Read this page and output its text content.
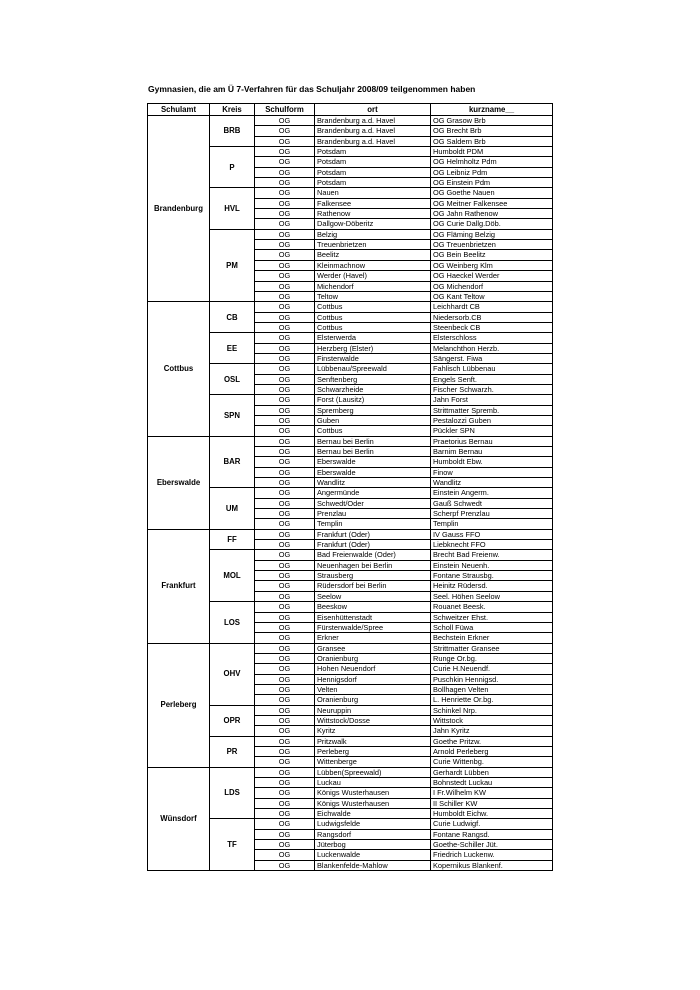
Gymnasien, die am Ü 7-Verfahren für das Schuljahr 2008/09 teilgenommen haben
Schulamt	Kreis	Schulform	ort	kurzname__
Brandenburg	BRB	OG	Brandenburg a.d. Havel	OG Grasow Brb
		OG	Brandenburg a.d. Havel	OG Brecht Brb
		OG	Brandenburg a.d. Havel	OG Saldern Brb
	P	OG	Potsdam	Humboldt PDM
		OG	Potsdam	OG Helmholtz Pdm
		OG	Potsdam	OG Leibniz Pdm
		OG	Potsdam	OG Einstein Pdm
	HVL	OG	Nauen	OG Goethe Nauen
		OG	Falkensee	OG Meitner Falkensee
		OG	Rathenow	OG Jahn Rathenow
		OG	Dallgow-Döberitz	OG Curie Dallg.Döb.
	PM	OG	Belzig	OG Fläming Belzig
		OG	Treuenbrietzen	OG Treuenbrietzen
		OG	Beelitz	OG Bein Beelitz
		OG	Kleinmachnow	OG Weinberg Klm
		OG	Werder (Havel)	OG Haeckel Werder
		OG	Michendorf	OG Michendorf
		OG	Teltow	OG Kant Teltow
Cottbus	CB	OG	Cottbus	Leichhardt CB
		OG	Cottbus	Niedersorb.CB
		OG	Cottbus	Steenbeck CB
	EE	OG	Elsterwerda	Elsterschloss
		OG	Herzberg (Elster)	Melanchthon Herzb.
		OG	Finsterwalde	Sängerst. Fiwa
	OSL	OG	Lübbenau/Spreewald	Fahlisch Lübbenau
		OG	Senftenberg	Engels Senft.
		OG	Schwarzheide	Fischer Schwarzh.
	SPN	OG	Forst (Lausitz)	Jahn Forst
		OG	Spremberg	Strittmatter Spremb.
		OG	Guben	Pestalozzi Guben
		OG	Cottbus	Pückler SPN
Eberswalde	BAR	OG	Bernau bei Berlin	Praetorius Bernau
		OG	Bernau bei Berlin	Barnim Bernau
		OG	Eberswalde	Humboldt Ebw.
		OG	Eberswalde	Finow
		OG	Wandlitz	Wandlitz
	UM	OG	Angermünde	Einstein Angerm.
		OG	Schwedt/Oder	Gauß Schwedt
		OG	Prenzlau	Scherpf Prenzlau
		OG	Templin	Templin
Frankfurt	FF	OG	Frankfurt (Oder)	IV Gauss FFO
		OG	Frankfurt (Oder)	Liebknecht FFO
	MOL	OG	Bad Freienwalde (Oder)	Brecht Bad Freienw.
		OG	Neuenhagen bei Berlin	Einstein Neuenh.
		OG	Strausberg	Fontane Strausbg.
		OG	Rüdersdorf bei Berlin	Heinitz Rüdersd.
		OG	Seelow	Seel. Höhen Seelow
	LOS	OG	Beeskow	Rouanet Beesk.
		OG	Eisenhüttenstadt	Schweitzer Ehst.
		OG	Fürstenwalde/Spree	Scholl Füwa
		OG	Erkner	Bechstein Erkner
Perleberg	OHV	OG	Gransee	Strittmatter Gransee
		OG	Oranienburg	Runge Or.bg.
		OG	Hohen Neuendorf	Curie H.Neuendf.
		OG	Hennigsdorf	Puschkin Hennigsd.
		OG	Velten	Bollhagen Velten
		OG	Oranienburg	L. Henriette Or.bg.
	OPR	OG	Neuruppin	Schinkel Nrp.
		OG	Wittstock/Dosse	Wittstock
		OG	Kyritz	Jahn Kyritz
	PR	OG	Pritzwalk	Goethe Pritzw.
		OG	Perleberg	Arnold Perleberg
		OG	Wittenberge	Curie Wittenbg.
Wünsdorf	LDS	OG	Lübben(Spreewald)	Gerhardt Lübben
		OG	Luckau	Bohnstedt Luckau
		OG	Königs Wusterhausen	I Fr.Wilhelm KW
		OG	Königs Wusterhausen	II Schiller KW
		OG	Eichwalde	Humboldt Eichw.
	TF	OG	Ludwigsfelde	Curie Ludwigf.
		OG	Rangsdorf	Fontane Rangsd.
		OG	Jüterbog	Goethe-Schiller Jüt.
		OG	Luckenwalde	Friedrich Luckenw.
		OG	Blankenfelde-Mahlow	Kopernikus Blankenf.
